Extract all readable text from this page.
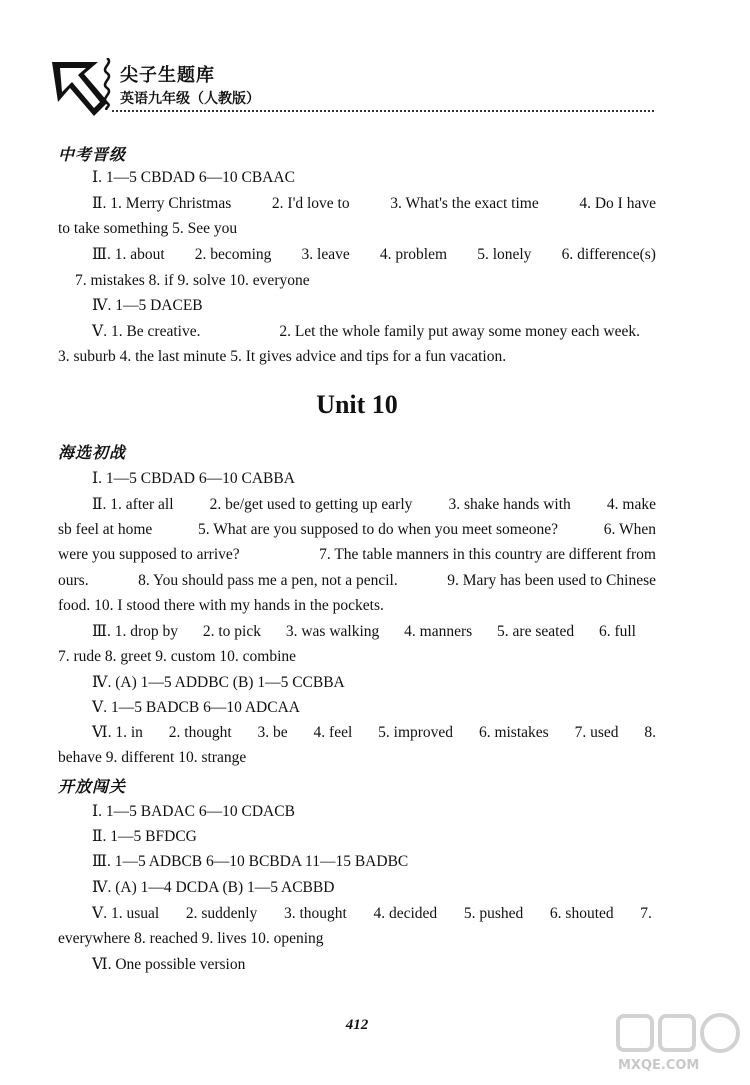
尖子生题库
英语九年级（人教版）
中考晋级
Ⅰ. 1—5 CBDAD 6—10 CBAAC
Ⅱ. 1. Merry Christmas	2. I'd love to	3. What's the exact time	4. Do I have
to take something 5. See you
Ⅲ. 1. about 2. becoming 3. leave 4. problem 5. lonely 6. difference(s)
7. mistakes 8. if 9. solve 10. everyone
Ⅳ. 1—5 DACEB
Ⅴ. 1. Be creative.	2. Let the whole family put away some money each week.
3. suburb 4. the last minute 5. It gives advice and tips for a fun vacation.
Unit 10
海选初战
Ⅰ. 1—5 CBDAD 6—10 CABBA
Ⅱ. 1. after all 2. be/get used to getting up early 3. shake hands with 4. make
sb feel at home	5. What are you supposed to do when you meet someone?	6. When
were you supposed to arrive?	7. The table manners in this country are different from
ours.	8. You should pass me a pen, not a pencil.	9. Mary has been used to Chinese
food. 10. I stood there with my hands in the pockets.
Ⅲ. 1. drop by 2. to pick 3. was walking 4. manners 5. are seated 6. full
7. rude 8. greet 9. custom 10. combine
Ⅳ. (A) 1—5 ADDBC (B) 1—5 CCBBA
Ⅴ. 1—5 BADCB 6—10 ADCAA
Ⅵ. 1. in 2. thought 3. be 4. feel 5. improved 6. mistakes 7. used 8.
behave 9. different 10. strange
开放闯关
Ⅰ. 1—5 BADAC 6—10 CDACB
Ⅱ. 1—5 BFDCG
Ⅲ. 1—5 ADBCB 6—10 BCBDA 11—15 BADBC
Ⅳ. (A) 1—4 DCDA (B) 1—5 ACBBD
Ⅴ. 1. usual 2. suddenly 3. thought 4. decided 5. pushed 6. shouted 7.
everywhere 8. reached 9. lives 10. opening
Ⅵ. One possible version
412
MXQE.COM
